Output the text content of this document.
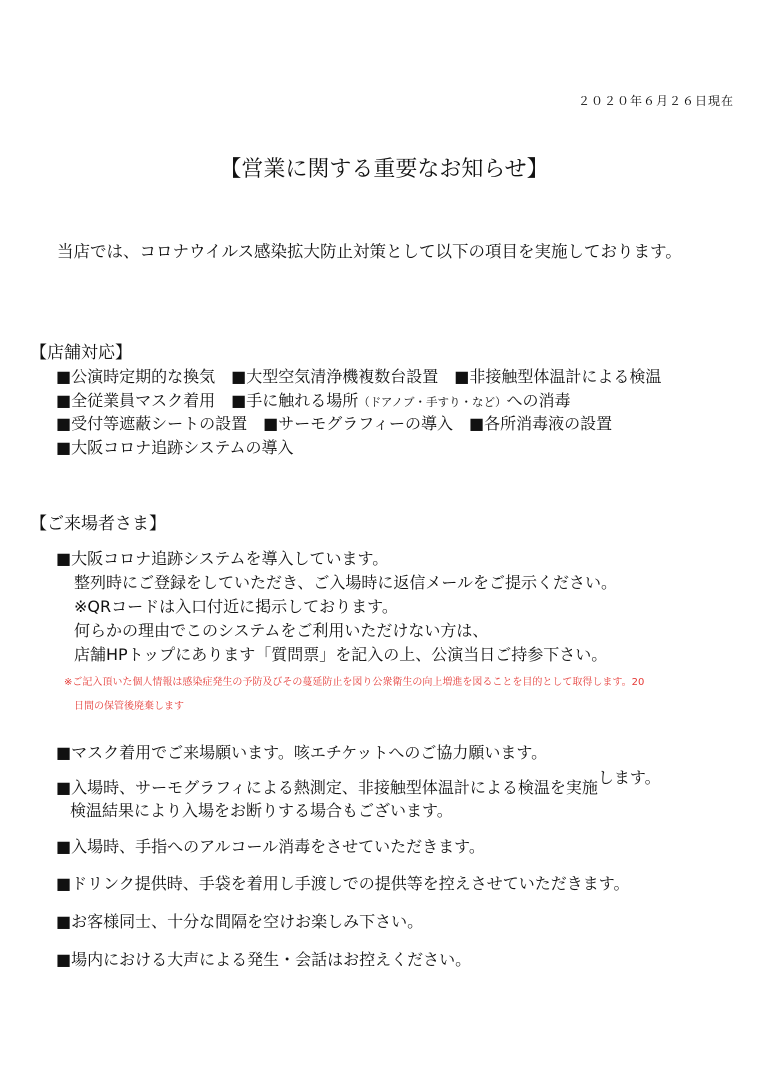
２０２０年６月２６日現在
【営業に関する重要なお知らせ】
当店では、コロナウイルス感染拡大防止対策として以下の項目を実施しております。
【店舗対応】
■公演時定期的な換気　■大型空気清浄機複数台設置　■非接触型体温計による検温
■全従業員マスク着用　■手に触れる場所（ドアノブ・手すり・など）への消毒
■受付等遮蔽シートの設置　■サーモグラフィーの導入　■各所消毒液の設置
■大阪コロナ追跡システムの導入
【ご来場者さま】
■大阪コロナ追跡システムを導入しています。
整列時にご登録をしていただき、ご入場時に返信メールをご提示ください。
※QRコードは入口付近に掲示しております。
何らかの理由でこのシステムをご利用いただけない方は、
店舗HPトップにあります「質問票」を記入の上、公演当日ご持参下さい。
※ご記入頂いた個人情報は感染症発生の予防及びその蔓延防止を図り公衆衛生の向上増進を図ることを目的として取得します。20
日間の保管後廃棄します
■マスク着用でご来場願います。咳エチケットへのご協力願います。
■入場時、サーモグラフィによる熱測定、非接触型体温計による検温を実施します。
検温結果により入場をお断りする場合もございます。
■入場時、手指へのアルコール消毒をさせていただきます。
■ドリンク提供時、手袋を着用し手渡しでの提供等を控えさせていただきます。
■お客様同士、十分な間隔を空けお楽しみ下さい。
■場内における大声による発生・会話はお控えください。
